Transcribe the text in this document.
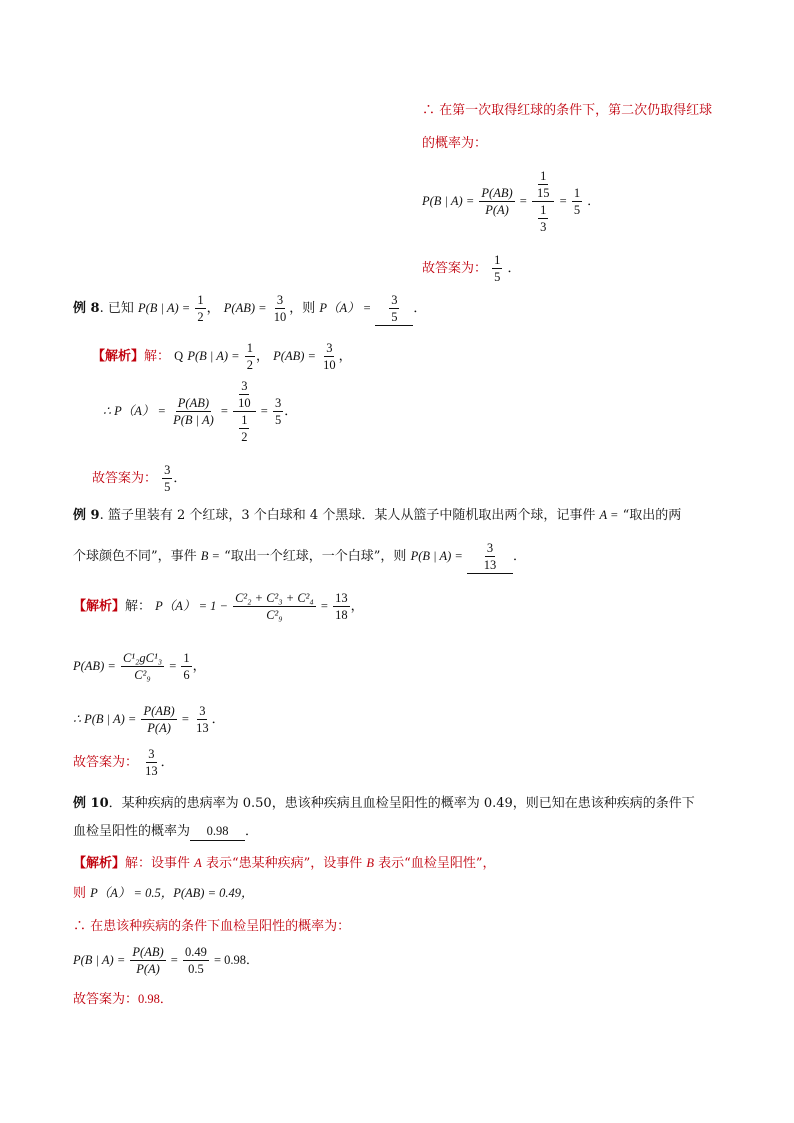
∴ 在第一次取得红球的条件下，第二次仍取得红球
的概率为：
P(B | $A) = \frac{P(AB)}{P(A)} = \frac{\frac{1}{15}}{\frac{1}{3}} = \frac{1}{5}$ ．
故答案为： $\frac{1}{5}$ ．
例 8. 已知 P(B | $A) = \frac{1}{2}$ ， $P(AB) = \frac{3}{10}$ ，则 $P(A) = \frac{3}{5}$ ．
【解析】解： Q P(B | $A) = \frac{1}{2}$ ， $P(AB) = \frac{3}{10}$ ，
∴ $P(A) = \frac{P(AB)}{P(B | A)} = \frac{\frac{3}{10}}{\frac{1}{2}} = \frac{3}{5}$ ．
故答案为： $\frac{3}{5}$ ．
例 9. 篮子里装有 2 个红球，3 个白球和 4 个黑球．某人从篮子中随机取出两个球，记事件 A = “取出的两
个球颜色不同”，事件 B = “取出一个红球，一个白球”，则 P(B | $A) = \frac{3}{13}$ ．
【解析】解： $P(A) = 1 - \frac{\text{C²₂ + C²₃ + C²₄}}{\text{C²₉}} = \frac{13}{18}$ ，
$P(AB) = \frac{\text{C¹₂gC¹₃}}{\text{C²₉}} = \frac{1}{6}$ ，
∴ P(B | $A) = \frac{P(AB)}{P(A)} = \frac{3}{13}$ ．
故答案为： $\frac{3}{13}$ ．
例 10．某种疾病的患病率为 0.50，患该种疾病且血检呈阳性的概率为 0.49，则已知在患该种疾病的条件下
血检呈阳性的概率为 0.98 ．
【解析】解：设事件 A 表示“患某种疾病”，设事件 B 表示“血检呈阳性”，
则 P（A） = 0.5，P(AB) = 0.49，
∴ 在患该种疾病的条件下血检呈阳性的概率为：
P(B | $A) = \frac{P(AB)}{P(A)} = \frac{0.49}{0.5} = 0.98$．
故答案为：0.98．
